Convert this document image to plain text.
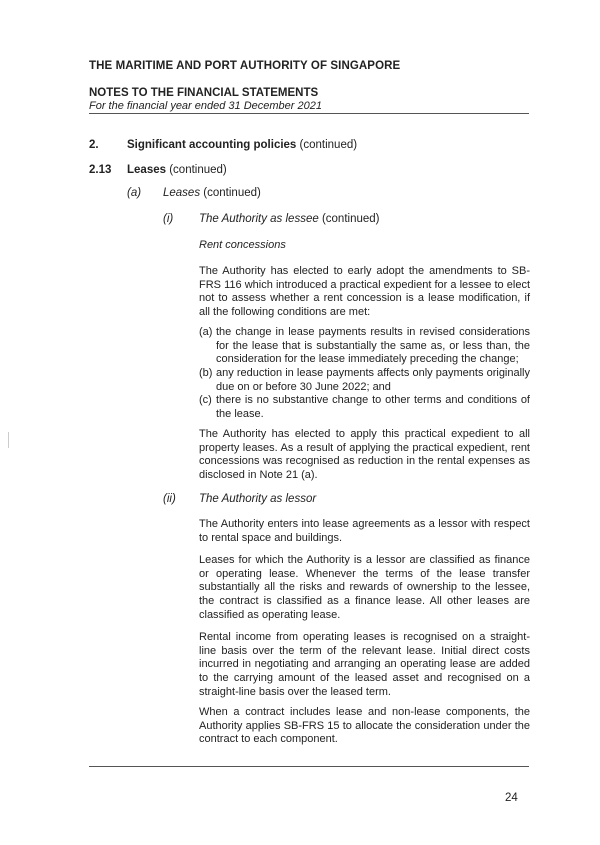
THE MARITIME AND PORT AUTHORITY OF SINGAPORE
NOTES TO THE FINANCIAL STATEMENTS
For the financial year ended 31 December 2021
2. Significant accounting policies (continued)
2.13 Leases (continued)
(a) Leases (continued)
(i) The Authority as lessee (continued)
Rent concessions
The Authority has elected to early adopt the amendments to SB-FRS 116 which introduced a practical expedient for a lessee to elect not to assess whether a rent concession is a lease modification, if all the following conditions are met:
(a) the change in lease payments results in revised considerations for the lease that is substantially the same as, or less than, the consideration for the lease immediately preceding the change;
(b) any reduction in lease payments affects only payments originally due on or before 30 June 2022; and
(c) there is no substantive change to other terms and conditions of the lease.
The Authority has elected to apply this practical expedient to all property leases. As a result of applying the practical expedient, rent concessions was recognised as reduction in the rental expenses as disclosed in Note 21 (a).
(ii) The Authority as lessor
The Authority enters into lease agreements as a lessor with respect to rental space and buildings.
Leases for which the Authority is a lessor are classified as finance or operating lease. Whenever the terms of the lease transfer substantially all the risks and rewards of ownership to the lessee, the contract is classified as a finance lease. All other leases are classified as operating lease.
Rental income from operating leases is recognised on a straight-line basis over the term of the relevant lease. Initial direct costs incurred in negotiating and arranging an operating lease are added to the carrying amount of the leased asset and recognised on a straight-line basis over the leased term.
When a contract includes lease and non-lease components, the Authority applies SB-FRS 15 to allocate the consideration under the contract to each component.
24
